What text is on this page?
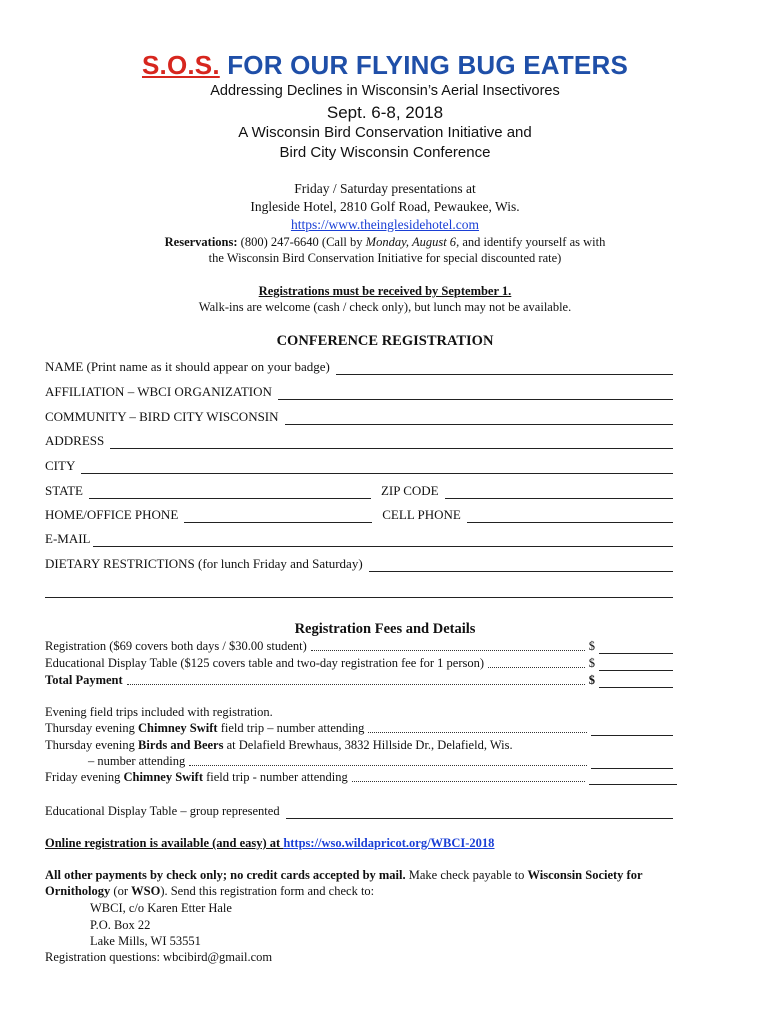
S.O.S. FOR OUR FLYING BUG EATERS
Addressing Declines in Wisconsin’s Aerial Insectivores
Sept. 6-8, 2018
A Wisconsin Bird Conservation Initiative and
Bird City Wisconsin Conference
Friday / Saturday presentations at
Ingleside Hotel, 2810 Golf Road, Pewaukee, Wis.
https://www.theinglesidehotel.com
Reservations: (800) 247-6640 (Call by Monday, August 6, and identify yourself as with
the Wisconsin Bird Conservation Initiative for special discounted rate)
Registrations must be received by September 1.
Walk-ins are welcome (cash / check only), but lunch may not be available.
CONFERENCE REGISTRATION
NAME (Print name as it should appear on your badge)
AFFILIATION – WBCI ORGANIZATION
COMMUNITY – BIRD CITY WISCONSIN
ADDRESS
CITY
STATE	ZIP CODE
HOME/OFFICE PHONE	CELL PHONE
E-MAIL
DIETARY RESTRICTIONS (for lunch Friday and Saturday)
Registration Fees and Details
Registration ($69 covers both days / $30.00 student)	$
Educational Display Table ($125 covers table and two-day registration fee for 1 person)	$
Total Payment	$
Evening field trips included with registration.
Thursday evening Chimney Swift field trip – number attending
Thursday evening Birds and Beers at Delafield Brewhaus, 3832 Hillside Dr., Delafield, Wis.
– number attending
Friday evening Chimney Swift field trip - number attending
Educational Display Table – group represented
Online registration is available (and easy) at https://wso.wildapricot.org/WBCI-2018
All other payments by check only; no credit cards accepted by mail. Make check payable to Wisconsin Society for
Ornithology (or WSO). Send this registration form and check to:
WBCI, c/o Karen Etter Hale
P.O. Box 22
Lake Mills, WI 53551
Registration questions: wbcibird@gmail.com
